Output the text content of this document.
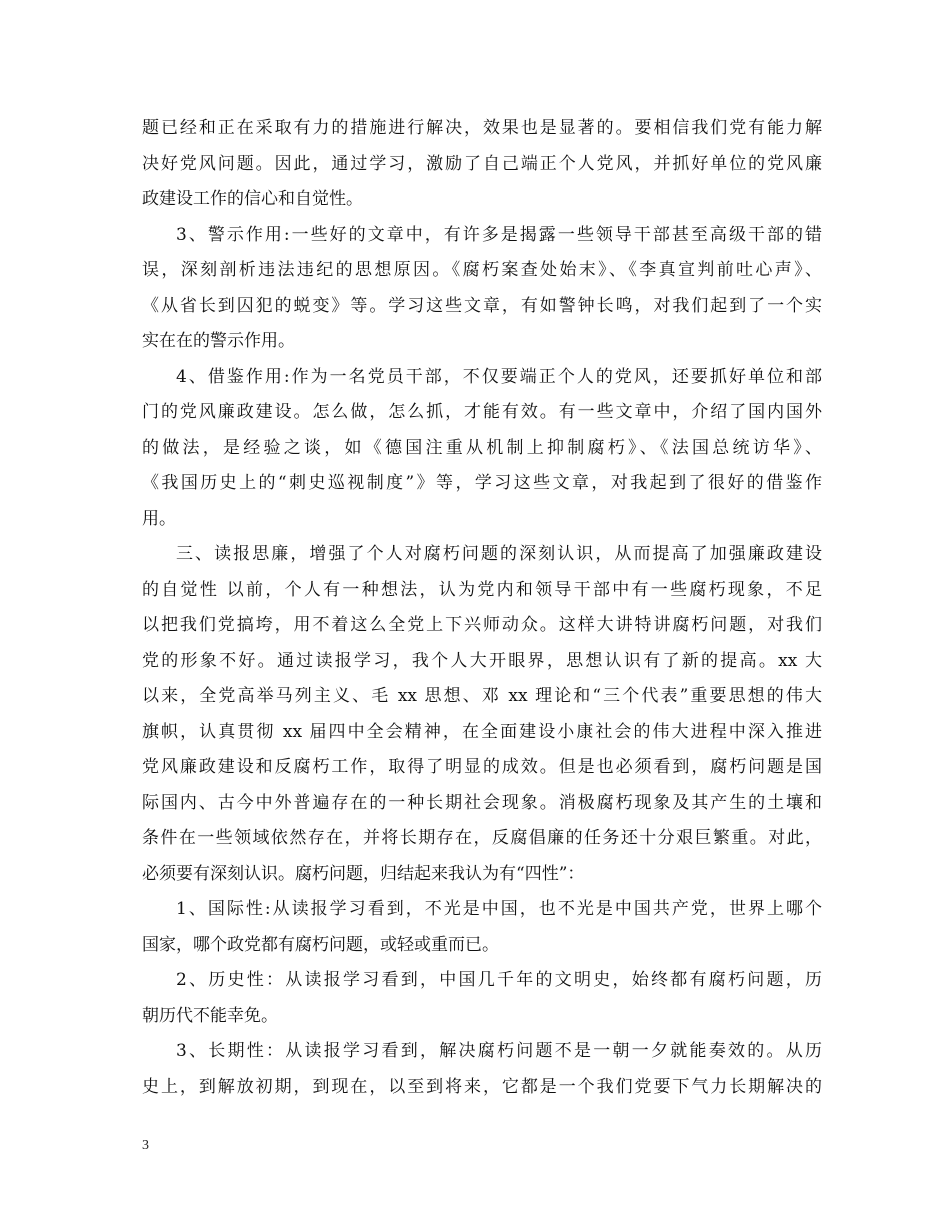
题已经和正在采取有力的措施进行解决，效果也是显著的。要相信我们党有能力解
决好党风问题。因此，通过学习，激励了自己端正个人党风，并抓好单位的党风廉
政建设工作的信心和自觉性。
3、警示作用:一些好的文章中，有许多是揭露一些领导干部甚至高级干部的错
误，深刻剖析违法违纪的思想原因。《腐朽案查处始末》、《李真宣判前吐心声》、
《从省长到囚犯的蜕变》等。学习这些文章，有如警钟长鸣，对我们起到了一个实
实在在的警示作用。
4、借鉴作用:作为一名党员干部，不仅要端正个人的党风，还要抓好单位和部
门的党风廉政建设。怎么做，怎么抓，才能有效。有一些文章中，介绍了国内国外
的做法，是经验之谈，如《德国注重从机制上抑制腐朽》、《法国总统访华》、
《我国历史上的“刺史巡视制度”》等，学习这些文章，对我起到了很好的借鉴作
用。
三、读报思廉，增强了个人对腐朽问题的深刻认识，从而提高了加强廉政建设
的自觉性 以前，个人有一种想法，认为党内和领导干部中有一些腐朽现象，不足
以把我们党搞垮，用不着这么全党上下兴师动众。这样大讲特讲腐朽问题，对我们
党的形象不好。通过读报学习，我个人大开眼界，思想认识有了新的提高。xx 大
以来，全党高举马列主义、毛 xx 思想、邓 xx 理论和“三个代表”重要思想的伟大
旗帜，认真贯彻 xx 届四中全会精神，在全面建设小康社会的伟大进程中深入推进
党风廉政建设和反腐朽工作，取得了明显的成效。但是也必须看到，腐朽问题是国
际国内、古今中外普遍存在的一种长期社会现象。消极腐朽现象及其产生的土壤和
条件在一些领域依然存在，并将长期存在，反腐倡廉的任务还十分艰巨繁重。对此，
必须要有深刻认识。腐朽问题，归结起来我认为有“四性”：
1、国际性:从读报学习看到，不光是中国，也不光是中国共产党，世界上哪个
国家，哪个政党都有腐朽问题，或轻或重而已。
2、历史性：从读报学习看到，中国几千年的文明史，始终都有腐朽问题，历
朝历代不能幸免。
3、长期性：从读报学习看到，解决腐朽问题不是一朝一夕就能奏效的。从历
史上，到解放初期，到现在，以至到将来，它都是一个我们党要下气力长期解决的
3
